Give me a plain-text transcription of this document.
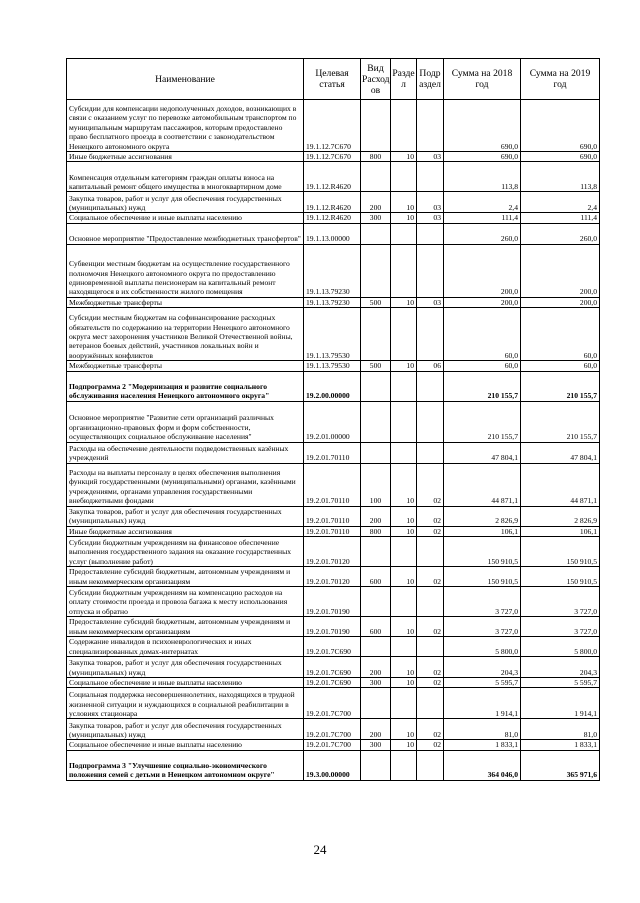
Наименование	Целевая статья	Вид Расход ов	Разде л	Подр аздел	Сумма на 2018 год	Сумма на 2019 год
Субсидии для компенсации недополученных доходов, возникающих в связи с оказанием услуг по перевозке автомобильным транспортом по муниципальным маршрутам пассажиров, которым предоставлено право бесплатного проезда в соответствии с законодательством Ненецкого автономного округа	19.1.12.7С670				690,0	690,0
Иные бюджетные ассигнования	19.1.12.7С670	800	10	03	690,0	690,0
Компенсация отдельным категориям граждан оплаты взноса на капитальный ремонт общего имущества в многоквартирном доме	19.1.12.R4620				113,8	113,8
Закупка товаров, работ и услуг для обеспечения государственных (муниципальных) нужд	19.1.12.R4620	200	10	03	2,4	2,4
Социальное обеспечение и иные выплаты населению	19.1.12.R4620	300	10	03	111,4	111,4
Основное мероприятие "Предоставление межбюджетных трансфертов"	19.1.13.00000				260,0	260,0
Субвенции местным бюджетам на осуществление государственного полномочия Ненецкого автономного округа по предоставлению единовременной выплаты пенсионерам на капитальный ремонт находящегося в их собственности жилого помещения	19.1.13.79230				200,0	200,0
Межбюджетные трансферты	19.1.13.79230	500	10	03	200,0	200,0
Субсидии местным бюджетам на софинансирование расходных обязательств по содержанию на территории Ненецкого автономного округа мест захоронения участников Великой Отечественной войны, ветеранов боевых действий, участников локальных войн и вооружённых конфликтов	19.1.13.79530				60,0	60,0
Межбюджетные трансферты	19.1.13.79530	500	10	06	60,0	60,0
Подпрограмма 2 "Модернизация и развитие социального обслуживания населения Ненецкого автономного округа"	19.2.00.00000				210 155,7	210 155,7
Основное мероприятие "Развитие сети организаций различных организационно-правовых форм и форм собственности, осуществляющих социальное обслуживание населения"	19.2.01.00000				210 155,7	210 155,7
Расходы на обеспечение деятельности подведомственных казённых учреждений	19.2.01.70110				47 804,1	47 804,1
Расходы на выплаты персоналу в целях обеспечения выполнения функций государственными (муниципальными) органами, казёнными учреждениями, органами управления государственными внебюджетными фондами	19.2.01.70110	100	10	02	44 871,1	44 871,1
Закупка товаров, работ и услуг для обеспечения государственных (муниципальных) нужд	19.2.01.70110	200	10	02	2 826,9	2 826,9
Иные бюджетные ассигнования	19.2.01.70110	800	10	02	106,1	106,1
Субсидии бюджетным учреждениям на финансовое обеспечение выполнения государственного задания на оказание государственных услуг (выполнение работ)	19.2.01.70120				150 910,5	150 910,5
Предоставление субсидий бюджетным, автономным учреждениям и иным некоммерческим организациям	19.2.01.70120	600	10	02	150 910,5	150 910,5
Субсидии бюджетным учреждениям на компенсацию расходов на оплату стоимости проезда и провоза багажа к месту использования отпуска и обратно	19.2.01.70190				3 727,0	3 727,0
Предоставление субсидий бюджетным, автономным учреждениям и иным некоммерческим организациям	19.2.01.70190	600	10	02	3 727,0	3 727,0
Содержание инвалидов в психоневрологических и иных специализированных домах-интернатах	19.2.01.7С690				5 800,0	5 800,0
Закупка товаров, работ и услуг для обеспечения государственных (муниципальных) нужд	19.2.01.7С690	200	10	02	204,3	204,3
Социальное обеспечение и иные выплаты населению	19.2.01.7С690	300	10	02	5 595,7	5 595,7
Социальная поддержка несовершеннолетних, находящихся в трудной жизненной ситуации и нуждающихся в социальной реабилитации в условиях стационара	19.2.01.7С700				1 914,1	1 914,1
Закупка товаров, работ и услуг для обеспечения государственных (муниципальных) нужд	19.2.01.7С700	200	10	02	81,0	81,0
Социальное обеспечение и иные выплаты населению	19.2.01.7С700	300	10	02	1 833,1	1 833,1
Подпрограмма 3 "Улучшение социально-экономического положения семей с детьми в Ненецком автономном округе"	19.3.00.00000				364 046,0	365 971,6
24
